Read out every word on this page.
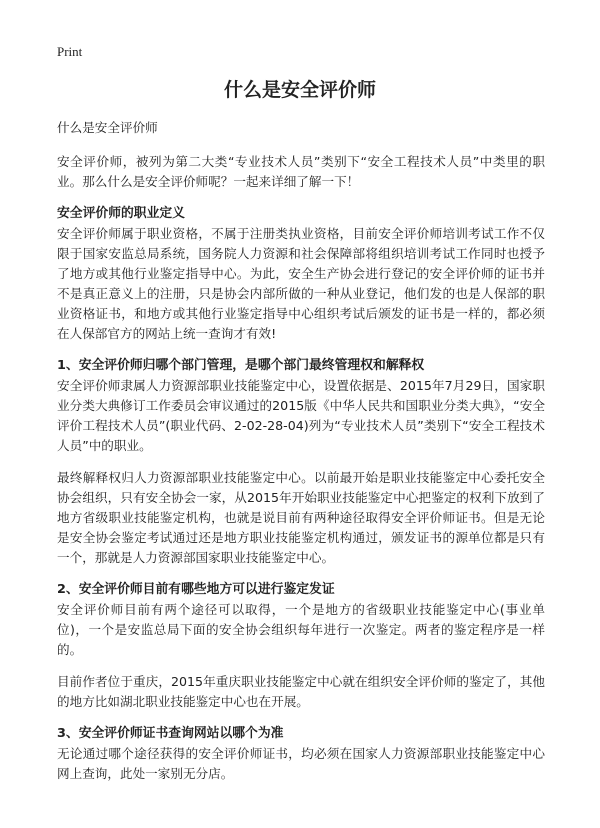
Print
什么是安全评价师

什么是安全评价师

安全评价师，被列为第二大类“专业技术人员”类别下“安全工程技术人员”中类里的职业。那么什么是安全评价师呢？一起来详细了解一下！

安全评价师的职业定义

安全评价师属于职业资格，不属于注册类执业资格，目前安全评价师培训考试工作不仅限于国家安监总局系统，国务院人力资源和社会保障部将组织培训考试工作同时也授予了地方或其他行业鉴定指导中心。为此，安全生产协会进行登记的安全评价师的证书并不是真正意义上的注册，只是协会内部所做的一种从业登记，他们发的也是人保部的职业资格证书，和地方或其他行业鉴定指导中心组织考试后颁发的证书是一样的，都必须在人保部官方的网站上统一查询才有效!

1、安全评价师归哪个部门管理，是哪个部门最终管理权和解释权

安全评价师隶属人力资源部职业技能鉴定中心，设置依据是、2015年7月29日，国家职业分类大典修订工作委员会审议通过的2015版《中华人民共和国职业分类大典》，“安全评价工程技术人员”(职业代码、2-02-28-04)列为“专业技术人员”类别下“安全工程技术人员”中的职业。

最终解释权归人力资源部职业技能鉴定中心。以前最开始是职业技能鉴定中心委托安全协会组织，只有安全协会一家，从2015年开始职业技能鉴定中心把鉴定的权利下放到了地方省级职业技能鉴定机构，也就是说目前有两种途径取得安全评价师证书。但是无论是安全协会鉴定考试通过还是地方职业技能鉴定机构通过，颁发证书的源单位都是只有一个，那就是人力资源部国家职业技能鉴定中心。

2、安全评价师目前有哪些地方可以进行鉴定发证

安全评价师目前有两个途径可以取得，一个是地方的省级职业技能鉴定中心(事业单位)，一个是安监总局下面的安全协会组织每年进行一次鉴定。两者的鉴定程序是一样的。

目前作者位于重庆，2015年重庆职业技能鉴定中心就在组织安全评价师的鉴定了，其他的地方比如湖北职业技能鉴定中心也在开展。

3、安全评价师证书查询网站以哪个为准

无论通过哪个途径获得的安全评价师证书，均必须在国家人力资源部职业技能鉴定中心网上查询，此处一家别无分店。
